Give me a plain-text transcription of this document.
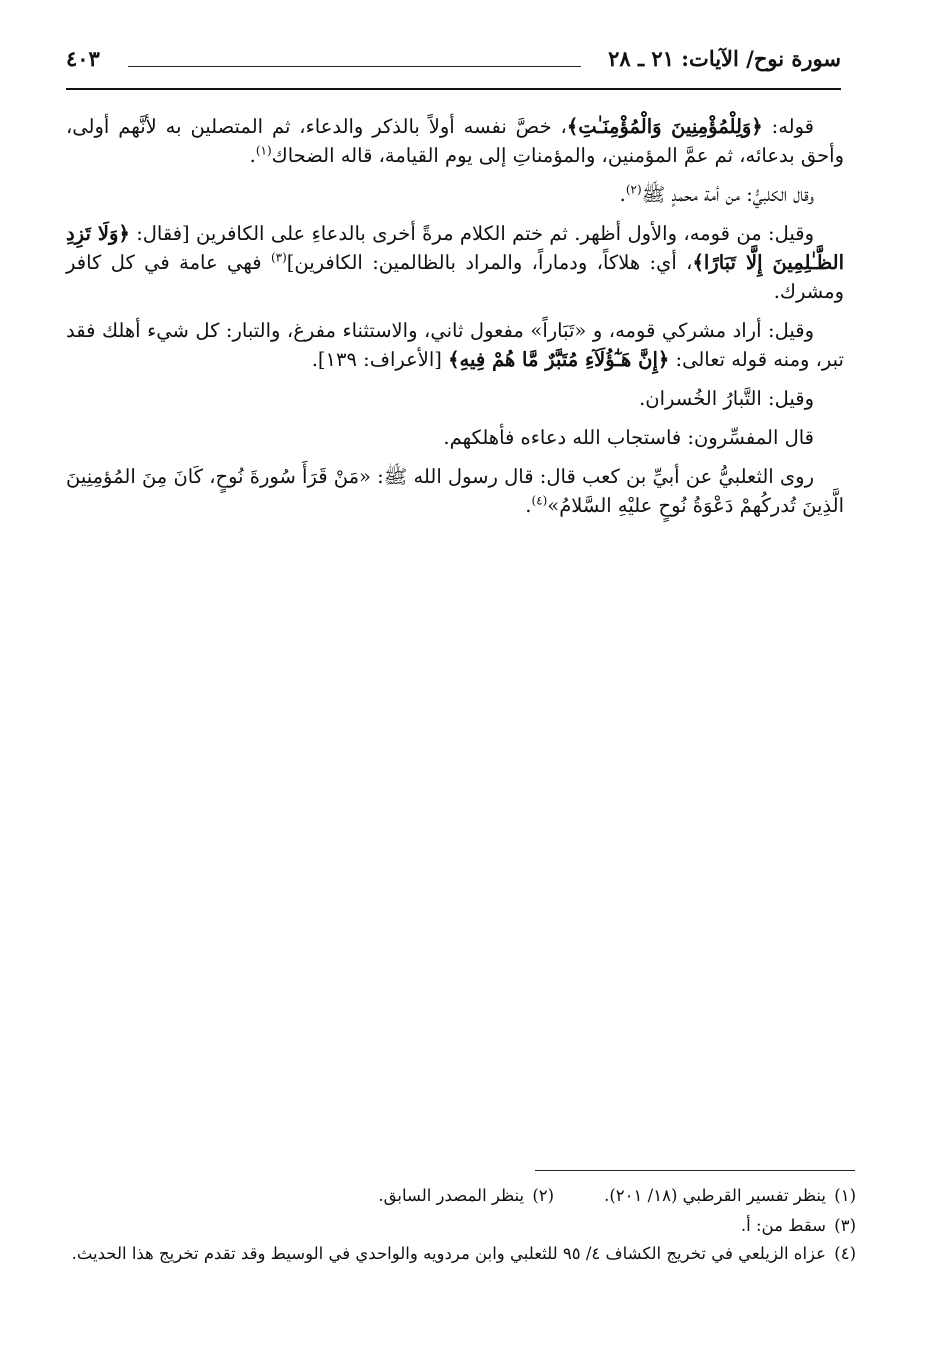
سورة نوح/ الآيات: ٢١ ـ ٢٨
٤٠٣

قوله: ﴿وَلِلْمُؤْمِنِينَ وَالْمُؤْمِنَـٰتِ﴾، خصَّ نفسه أولاً بالذكر والدعاء، ثم المتصلين به لأنَّهم أولى، وأحق بدعائه، ثم عمَّ المؤمنين، والمؤمناتِ إلى يوم القيامة، قاله الضحاك$^{(١)}$.

وقال الكلبيُّ: من أمة محمدٍ ﷺ$^{(٢)}$.

وقيل: من قومه، والأول أظهر. ثم ختم الكلام مرةً أخرى بالدعاءِ على الكافرين [فقال: ﴿وَلَا تَزِدِ الظَّـٰلِمِينَ إِلَّا تَبَارًا﴾، أي: هلاكاً، ودماراً، والمراد بالظالمين: الكافرين]$^{(٣)}$ فهي عامة في كل كافر ومشرك.

وقيل: أراد مشركي قومه، و «تَبَاراً» مفعول ثاني، والاستثناء مفرغ، والتبار: كل شيء أهلك فقد تبر، ومنه قوله تعالى: ﴿إِنَّ هَـٰٓؤُلَآءِ مُتَبَّرٌ مَّا هُمْ فِيهِ﴾ [الأعراف: ١٣٩].

وقيل: التَّبارُ الخُسران.

قال المفسِّرون: فاستجاب الله دعاءه فأهلكهم.

روى الثعلبيُّ عن أبيِّ بن كعب قال: قال رسول الله ﷺ: «مَنْ قَرَأَ سُورةَ نُوحٍ، كَانَ مِنَ المُؤمِنِينَ الَّذِينَ تُدركُهمْ دَعْوَةُ نُوحٍ عليْهِ السَّلامُ»$^{(٤)}$.

(١)ينظر تفسير القرطبي (١٨/ ٢٠١).
(٢)ينظر المصدر السابق.
(٣)سقط من: أ.
(٤)عزاه الزيلعي في تخريج الكشاف ٤/ ٩٥ للثعلبي وابن مردويه والواحدي في الوسيط وقد تقدم تخريج هذا الحديث.
